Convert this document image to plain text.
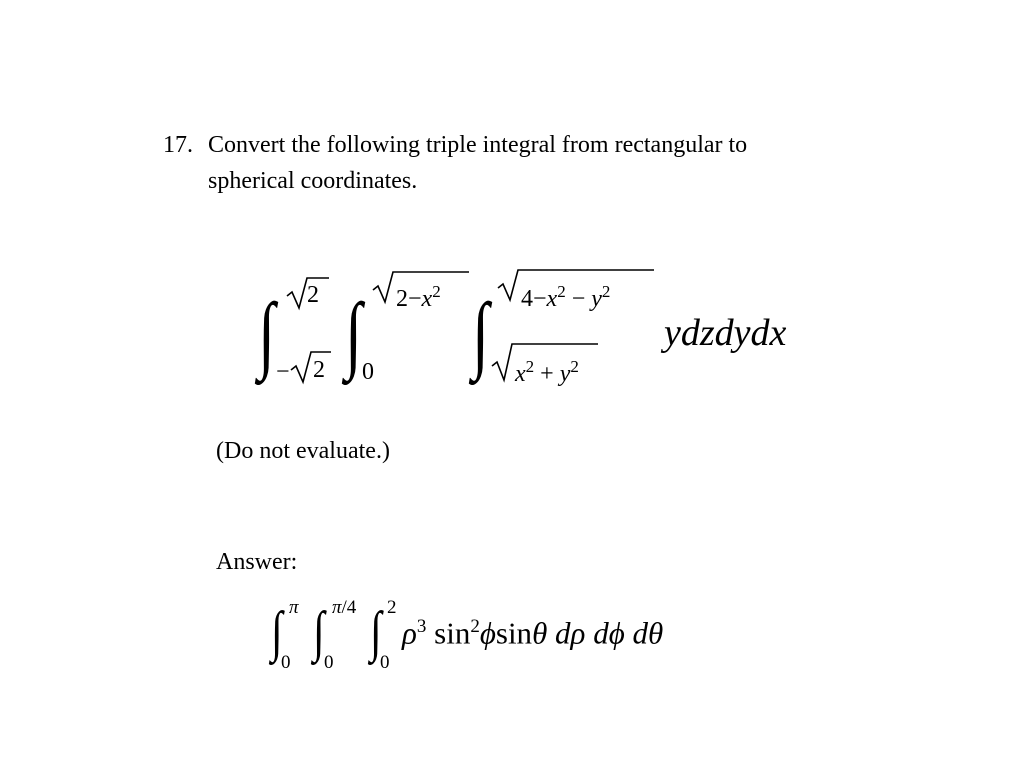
17. Convert the following triple integral from rectangular to
spherical coordinates.
∫ 2
− 2 ∫ $2-x^2$
0 ∫ $4-x^2 - y^2$
$x^2 + y^2$
ydzdydx
(Do not evaluate.)
Answer:
∫ π
0 ∫ π/4
0 ∫ 2
0
$\rho^3$ $\sin^2\phi\sin\theta$ dρ dϕ dθ
